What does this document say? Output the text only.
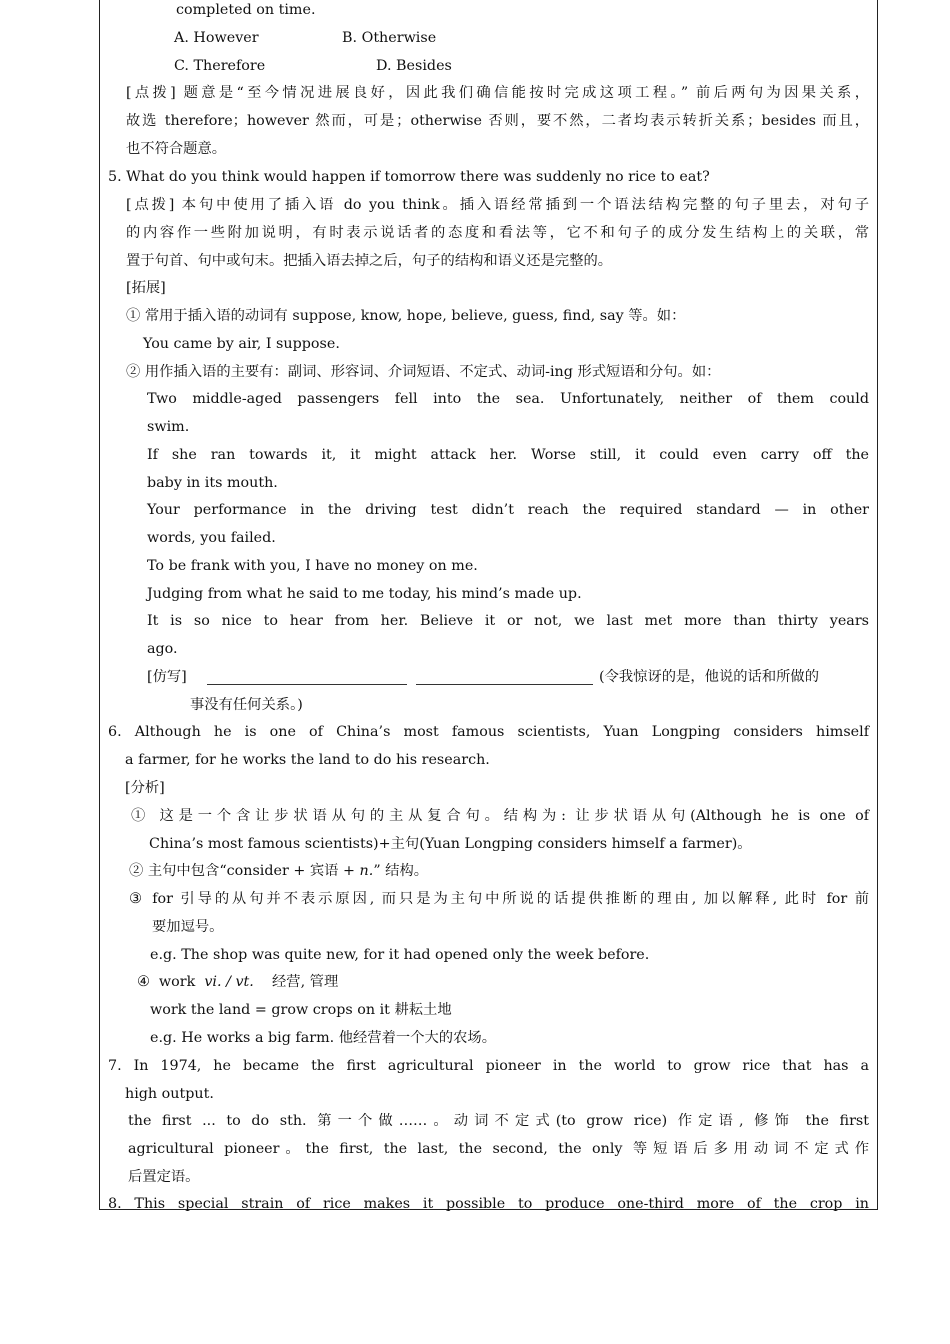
completed on time.
A. However	B. Otherwise
C. Therefore	D. Besides
[点拨] 题意是“至今情况进展良好，因此我们确信能按时完成这项工程。” 前后两句为因果关系，
故选 therefore；however 然而，可是；otherwise 否则，要不然，二者均表示转折关系；besides 而且，
也不符合题意。
5. What do you think would happen if tomorrow there was suddenly no rice to eat?
[点拨] 本句中使用了插入语 do you think。插入语经常插到一个语法结构完整的句子里去，对句子
的内容作一些附加说明，有时表示说话者的态度和看法等，它不和句子的成分发生结构上的关联，常
置于句首、句中或句末。把插入语去掉之后，句子的结构和语义还是完整的。
[拓展]
① 常用于插入语的动词有 suppose, know, hope, believe, guess, find, say 等。如：
You came by air, I suppose.
② 用作插入语的主要有：副词、形容词、介词短语、不定式、动词-ing 形式短语和分句。如：
Two middle-aged passengers fell into the sea. Unfortunately, neither of them could
swim.
If she ran towards it, it might attack her. Worse still, it could even carry off the
baby in its mouth.
Your performance in the driving test didn’t reach the required standard — in other
words, you failed.
To be frank with you, I have no money on me.
Judging from what he said to me today, his mind’s made up.
It is so nice to hear from her. Believe it or not, we last met more than thirty years
ago.
[仿写]	(令我惊讶的是，他说的话和所做的
事没有任何关系。)
6. Although he is one of China’s most famous scientists, Yuan Longping considers himself
a farmer, for he works the land to do his research.
[分析]
① 这是一个含让步状语从句的主从复合句。结构为: 让步状语从句(Although he is one of
China’s most famous scientists)+主句(Yuan Longping considers himself a farmer)。
② 主句中包含“consider + 宾语 + n.” 结构。
③ for 引导的从句并不表示原因, 而只是为主句中所说的话提供推断的理由, 加以解释, 此时 for 前
要加逗号。
e.g. The shop was quite new, for it had opened only the week before.
④  work  vi. / vt.    经营, 管理
work the land = grow crops on it 耕耘土地
e.g. He works a big farm. 他经营着一个大的农场。
7. In 1974, he became the first agricultural pioneer in the world to grow rice that has a
high output.
the first ... to do sth. 第一个做……。动词不定式(to grow rice) 作定语, 修饰 the first
agricultural pioneer。the first, the last, the second, the only 等短语后多用动词不定式作
后置定语。
8. This special strain of rice makes it possible to produce one-third more of the crop in
